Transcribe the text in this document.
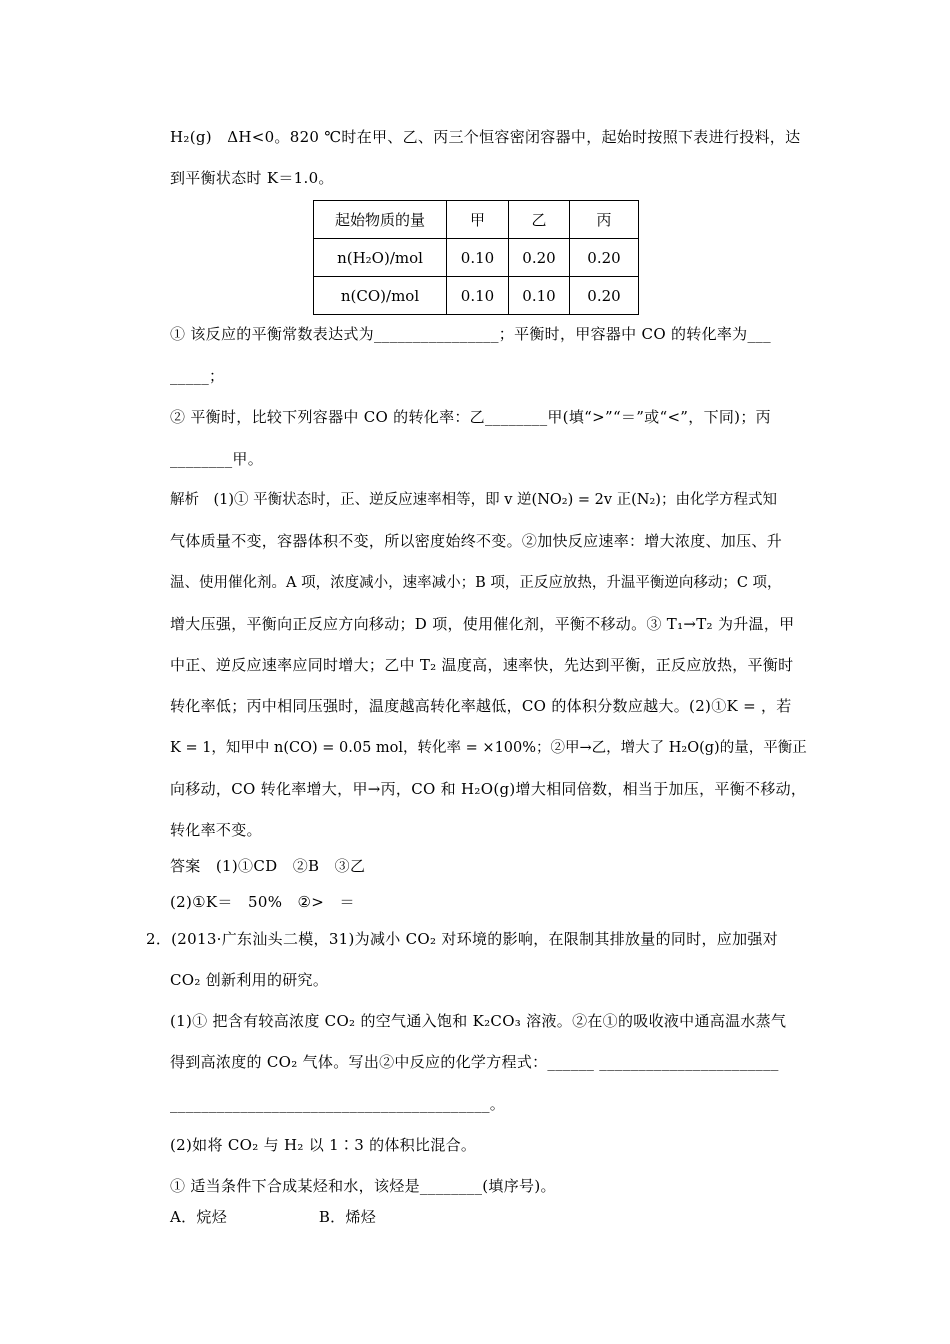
H₂(g)　ΔH<0。820 ℃时在甲、乙、丙三个恒容密闭容器中，起始时按照下表进行投料，达
到平衡状态时 K＝1.0。
起始物质的量	甲	乙	丙
n(H₂O)/mol	0.10	0.20	0.20
n(CO)/mol	0.10	0.10	0.20
① 该反应的平衡常数表达式为________________；平衡时，甲容器中 CO 的转化率为___
_____；
② 平衡时，比较下列容器中 CO 的转化率：乙________甲(填“>”“＝”或“<”，下同)；丙
________甲。
解析　(1)① 平衡状态时，正、逆反应速率相等，即 v 逆(NO₂) = 2v 正(N₂)；由化学方程式知
气体质量不变，容器体积不变，所以密度始终不变。②加快反应速率：增大浓度、加压、升
温、使用催化剂。A 项，浓度减小，速率减小；B 项，正反应放热，升温平衡逆向移动；C 项，
增大压强，平衡向正反应方向移动；D 项，使用催化剂，平衡不移动。③ T₁→T₂ 为升温，甲
中正、逆反应速率应同时增大；乙中 T₂ 温度高，速率快，先达到平衡，正反应放热，平衡时
转化率低；丙中相同压强时，温度越高转化率越低，CO 的体积分数应越大。(2)①K = ，若
K = 1，知甲中 n(CO) = 0.05 mol，转化率 = ×100%；②甲→乙，增大了 H₂O(g)的量，平衡正
向移动，CO 转化率增大，甲→丙，CO 和 H₂O(g)增大相同倍数，相当于加压，平衡不移动，
转化率不变。
答案　(1)①CD　②B　③乙
(2)①K＝　50%　②>　＝
2．(2013·广东汕头二模，31)为减小 CO₂ 对环境的影响，在限制其排放量的同时，应加强对
CO₂ 创新利用的研究。
(1)① 把含有较高浓度 CO₂ 的空气通入饱和 K₂CO₃ 溶液。②在①的吸收液中通高温水蒸气
得到高浓度的 CO₂ 气体。写出②中反应的化学方程式：______ _______________________
_________________________________________。
(2)如将 CO₂ 与 H₂ 以 1∶3 的体积比混合。
① 适当条件下合成某烃和水，该烃是________(填序号)。
A．烷烃　　　　　　B．烯烃
